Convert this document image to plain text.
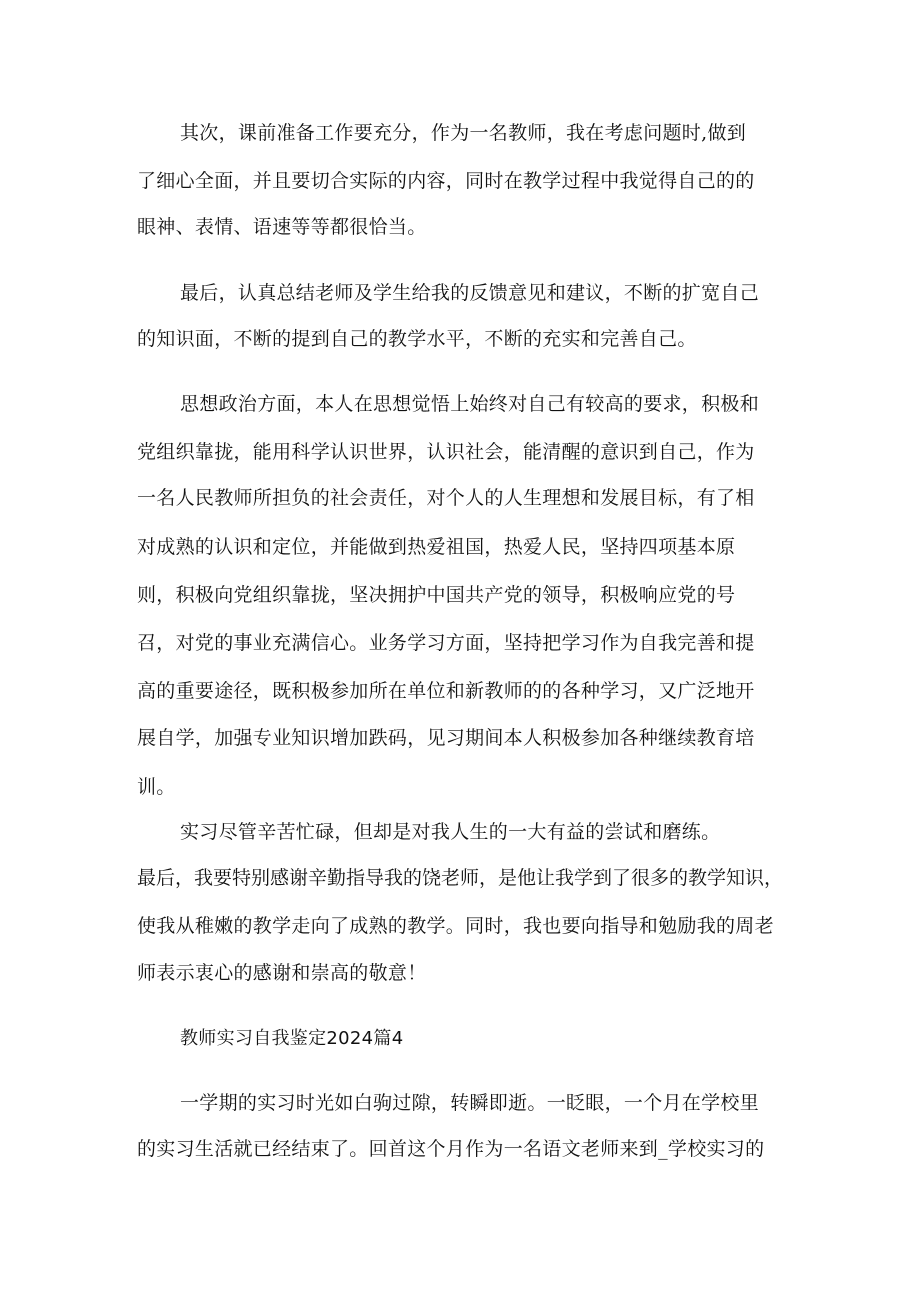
其次，课前准备工作要充分，作为一名教师，我在考虑问题时,做到
了细心全面，并且要切合实际的内容，同时在教学过程中我觉得自己的的
眼神、表情、语速等等都很恰当。
最后，认真总结老师及学生给我的反馈意见和建议，不断的扩宽自己
的知识面，不断的提到自己的教学水平，不断的充实和完善自己。
思想政治方面，本人在思想觉悟上始终对自己有较高的要求，积极和
党组织靠拢，能用科学认识世界，认识社会，能清醒的意识到自己，作为
一名人民教师所担负的社会责任，对个人的人生理想和发展目标，有了相
对成熟的认识和定位，并能做到热爱祖国，热爱人民，坚持四项基本原
则，积极向党组织靠拢，坚决拥护中国共产党的领导，积极响应党的号
召，对党的事业充满信心。业务学习方面，坚持把学习作为自我完善和提
高的重要途径，既积极参加所在单位和新教师的的各种学习，又广泛地开
展自学，加强专业知识增加跌码，见习期间本人积极参加各种继续教育培
训。
实习尽管辛苦忙碌，但却是对我人生的一大有益的尝试和磨练。
最后，我要特别感谢辛勤指导我的饶老师，是他让我学到了很多的教学知识，
使我从稚嫩的教学走向了成熟的教学。同时，我也要向指导和勉励我的周老
师表示衷心的感谢和崇高的敬意！
教师实习自我鉴定2024篇4
一学期的实习时光如白驹过隙，转瞬即逝。一眨眼，一个月在学校里
的实习生活就已经结束了。回首这个月作为一名语文老师来到_学校实习的
